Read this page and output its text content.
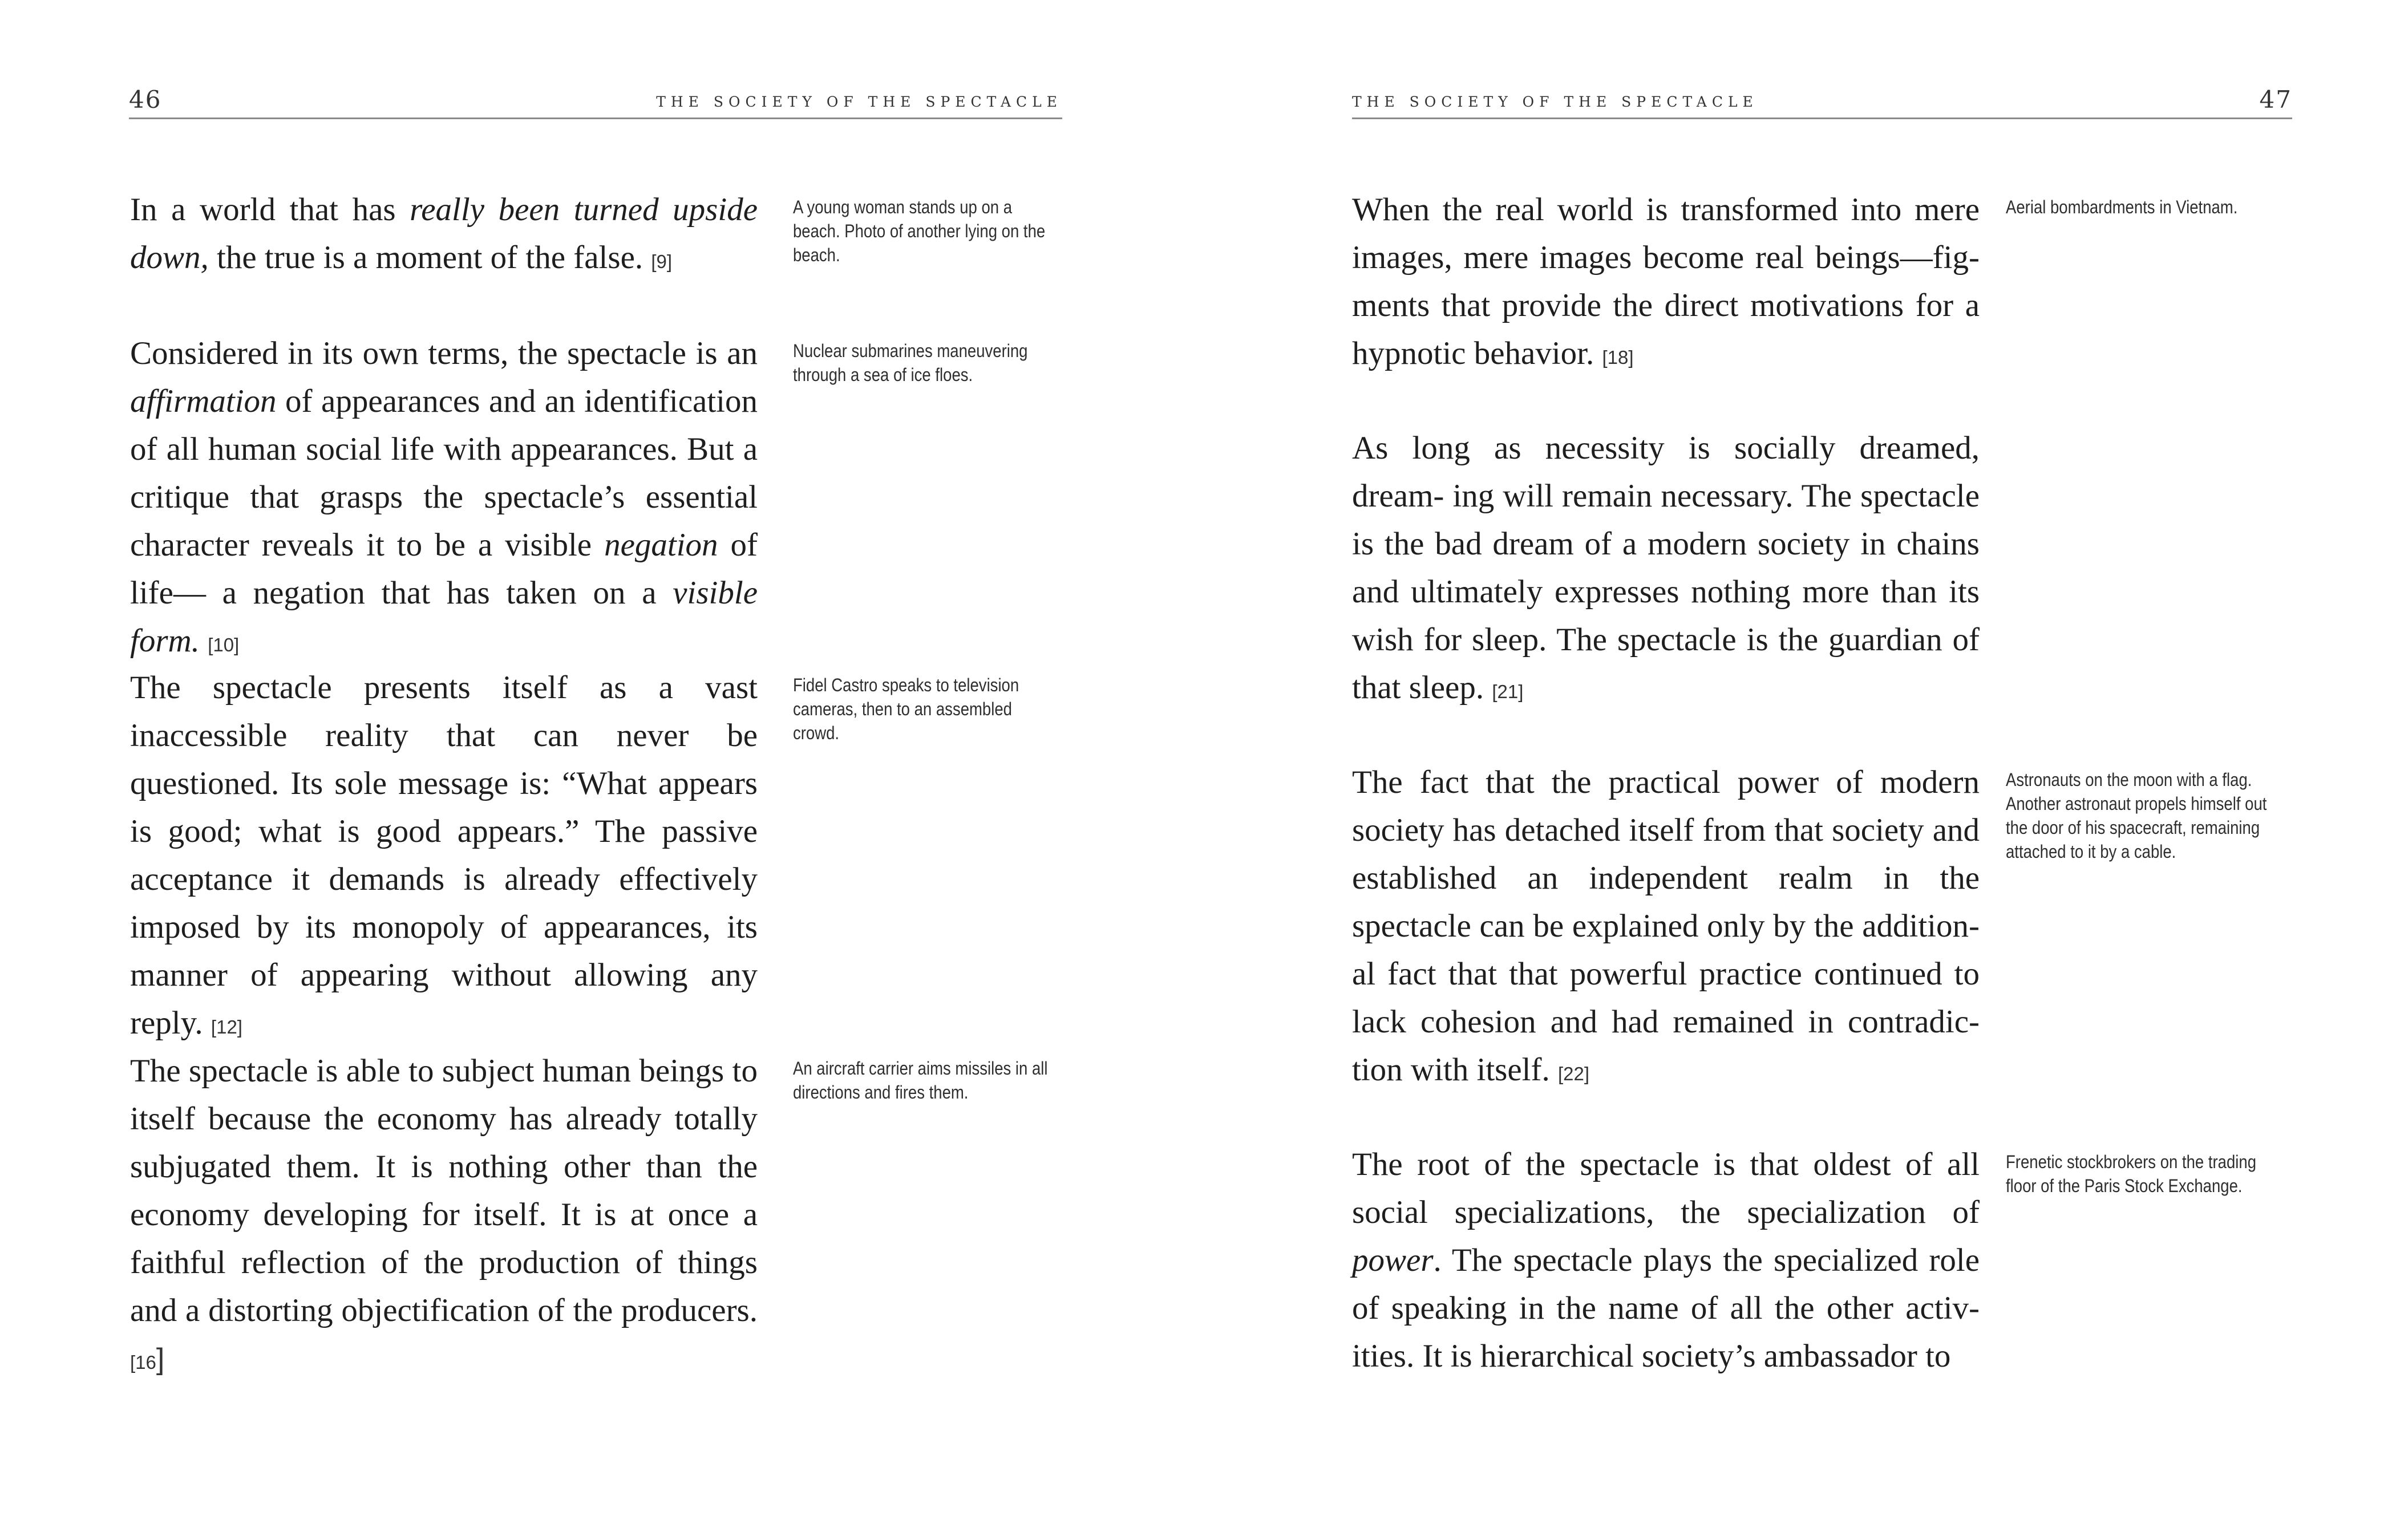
46	THE SOCIETY OF THE SPECTACLE

In a world that has really been turned upside down, the true is a moment of the false. [9]

A young woman stands up on a beach. Photo of another lying on the beach.

Considered in its own terms, the spectacle is an affirmation of appearances and an identification of all human social life with appearances. But a critique that grasps the spectacle’s essential character reveals it to be a visible negation of life— a negation that has taken on a visible form. [10]

Nuclear submarines maneuvering through a sea of ice floes.

The spectacle presents itself as a vast inaccessible reality that can never be questioned. Its sole message is: “What appears is good; what is good appears.” The passive acceptance it demands is already effectively imposed by its monopoly of appearances, its manner of appearing without allowing any reply. [12]

Fidel Castro speaks to television cameras, then to an assembled crowd.

The spectacle is able to subject human beings to itself because the economy has already totally subjugated them. It is nothing other than the economy developing for itself. It is at once a faithful reflection of the production of things and a distorting objectification of the producers. [16]

An aircraft carrier aims missiles in all directions and fires them.

THE SOCIETY OF THE SPECTACLE	47

When the real world is transformed into mere images, mere images become real beings—fig- ments that provide the direct motivations for a hypnotic behavior. [18]

Aerial bombardments in Vietnam.

As long as necessity is socially dreamed, dream- ing will remain necessary. The spectacle is the bad dream of a modern society in chains and ultimately expresses nothing more than its wish for sleep. The spectacle is the guardian of that sleep. [21]

The fact that the practical power of modern society has detached itself from that society and established an independent realm in the spectacle can be explained only by the addition- al fact that that powerful practice continued to lack cohesion and had remained in contradic- tion with itself. [22]

Astronauts on the moon with a flag. Another astronaut propels himself out the door of his spacecraft, remaining attached to it by a cable.

The root of the spectacle is that oldest of all social specializations, the specialization of power. The spectacle plays the specialized role of speaking in the name of all the other activ- ities. It is hierarchical society’s ambassador to

Frenetic stockbrokers on the trading floor of the Paris Stock Exchange.
